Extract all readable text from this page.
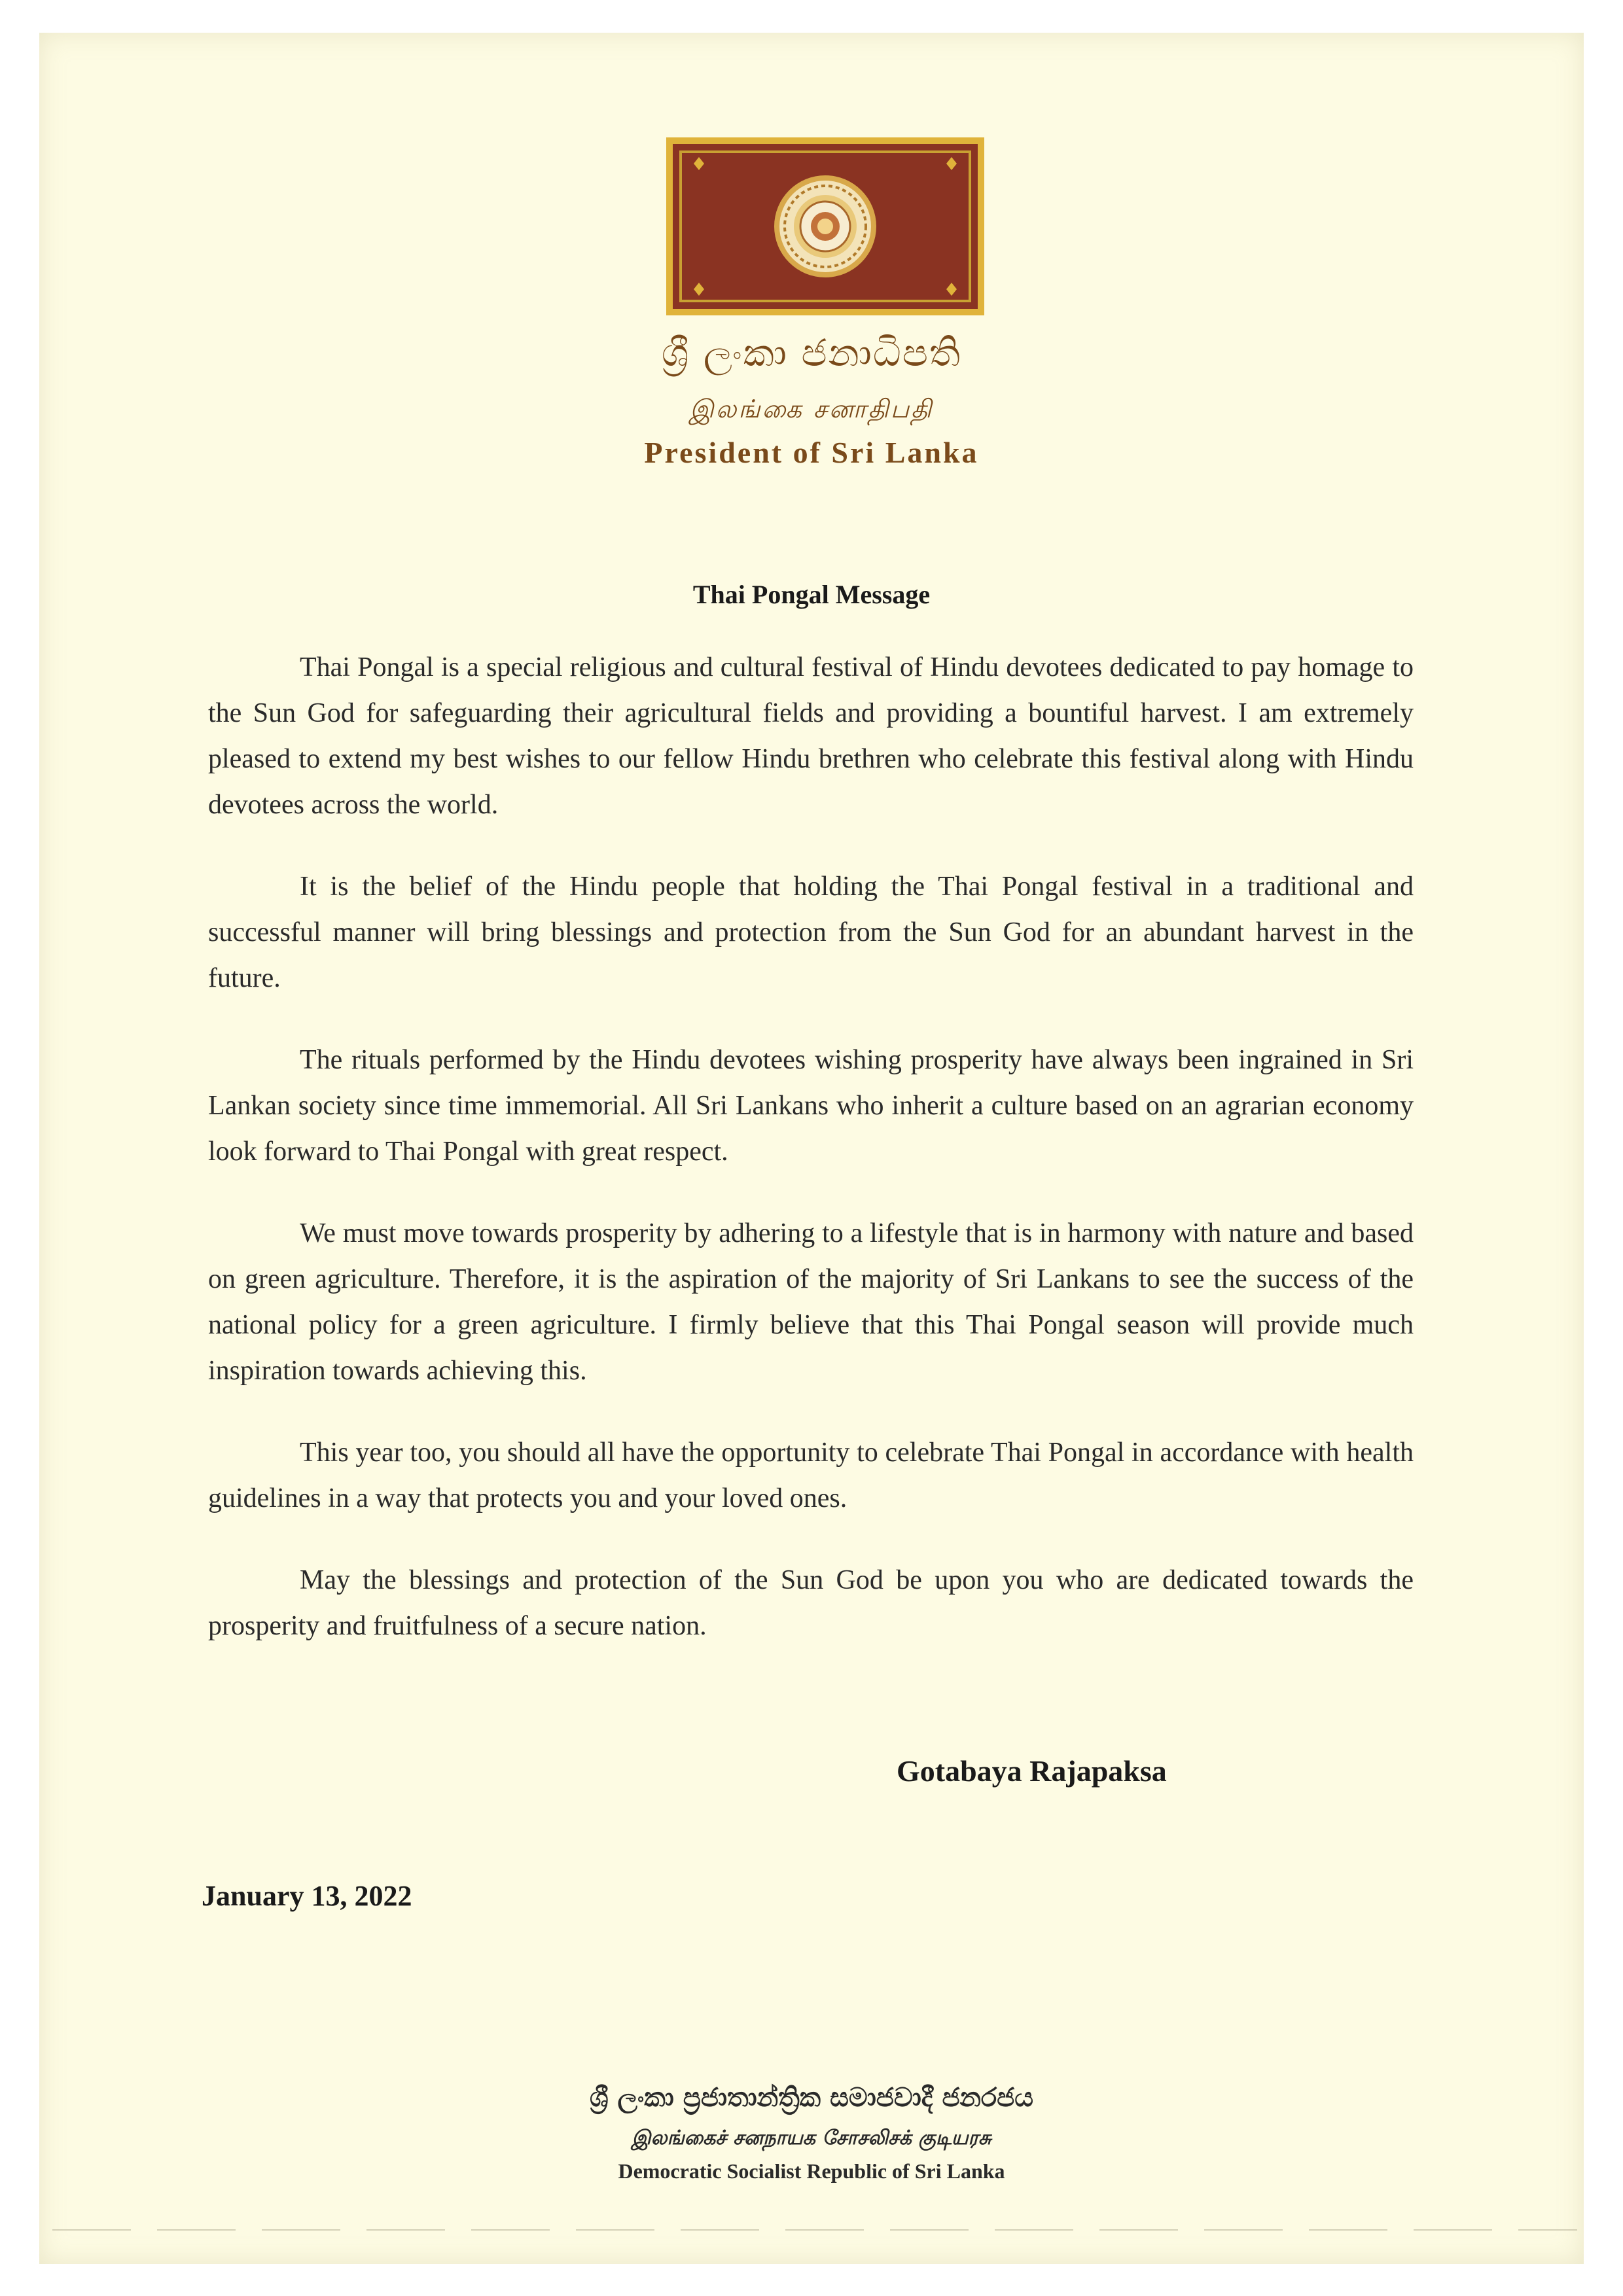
ශ්‍රී ලංකා ජනාධිපති
இலங்கை சனாதிபதி
President of Sri Lanka
Thai Pongal Message

Thai Pongal is a special religious and cultural festival of Hindu devotees dedicated to pay homage to the Sun God for safeguarding their agricultural fields and providing a bountiful harvest. I am extremely pleased to extend my best wishes to our fellow Hindu brethren who celebrate this festival along with Hindu devotees across the world.

It is the belief of the Hindu people that holding the Thai Pongal festival in a traditional and successful manner will bring blessings and protection from the Sun God for an abundant harvest in the future.

The rituals performed by the Hindu devotees wishing prosperity have always been ingrained in Sri Lankan society since time immemorial. All Sri Lankans who inherit a culture based on an agrarian economy look forward to Thai Pongal with great respect.

We must move towards prosperity by adhering to a lifestyle that is in harmony with nature and based on green agriculture. Therefore, it is the aspiration of the majority of Sri Lankans to see the success of the national policy for a green agriculture. I firmly believe that this Thai Pongal season will provide much inspiration towards achieving this.

This year too, you should all have the opportunity to celebrate Thai Pongal in accordance with health guidelines in a way that protects you and your loved ones.

May the blessings and protection of the Sun God be upon you who are dedicated towards the prosperity and fruitfulness of a secure nation.

Gotabaya Rajapaksa
January 13, 2022
ශ්‍රී ලංකා ප්‍රජාතාන්ත්‍රික සමාජවාදී ජනරජය
இலங்கைச் சனநாயக சோசலிசக் குடியரசு
Democratic Socialist Republic of Sri Lanka
